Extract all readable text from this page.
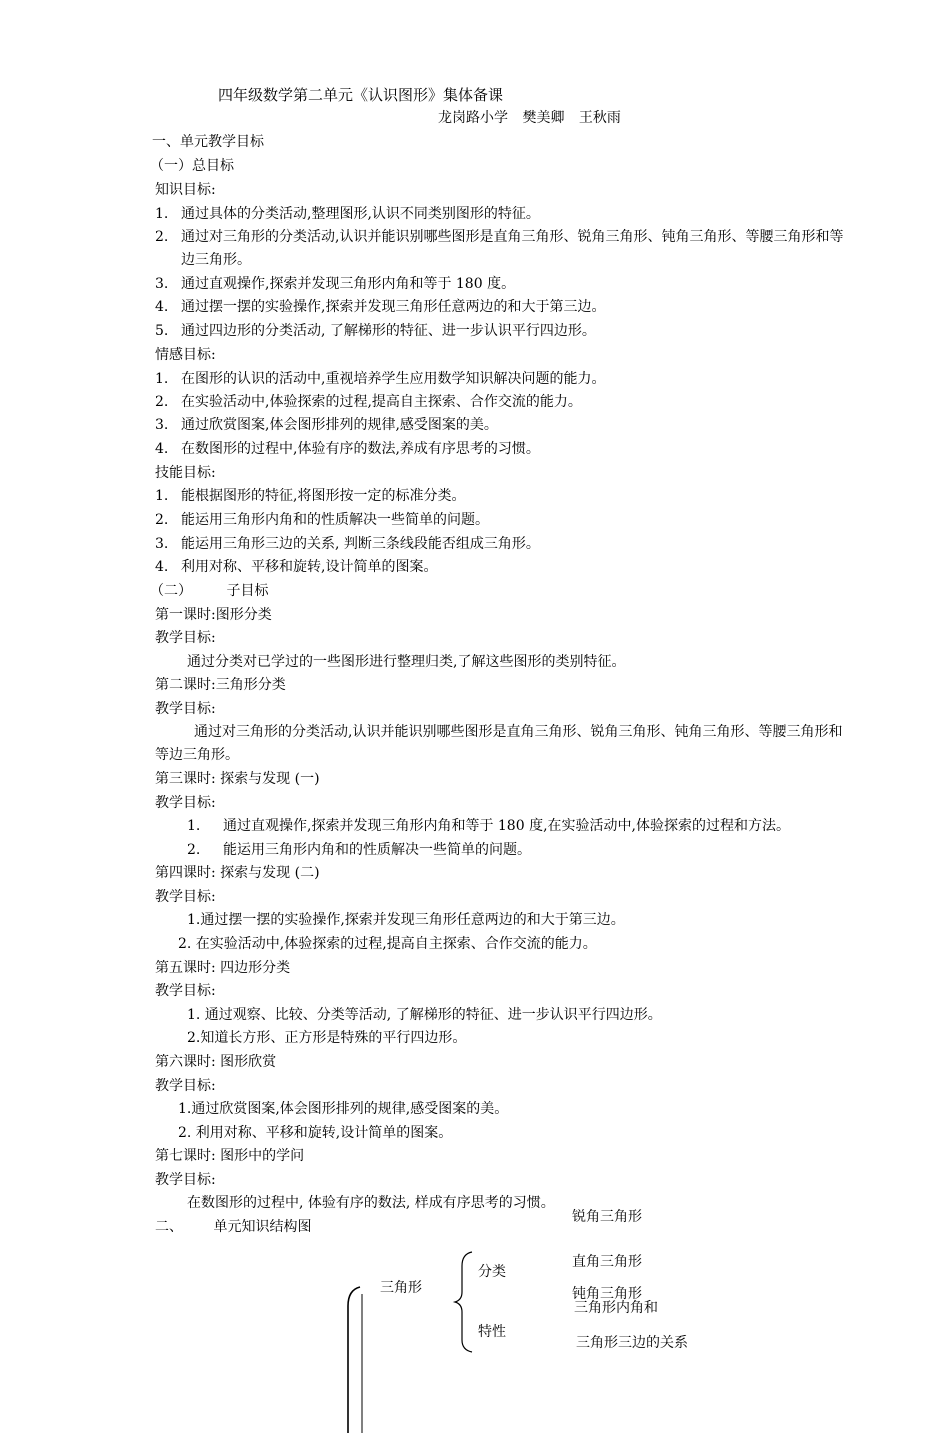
四年级数学第二单元《认识图形》集体备课
龙岗路小学 樊美卿 王秋雨
一、单元教学目标
（一）总目标
知识目标:
1. 通过具体的分类活动,整理图形,认识不同类别图形的特征。
2. 通过对三角形的分类活动,认识并能识别哪些图形是直角三角形、锐角三角形、钝角三角形、等腰三角形和等
边三角形。
3. 通过直观操作,探索并发现三角形内角和等于 180 度。
4. 通过摆一摆的实验操作,探索并发现三角形任意两边的和大于第三边。
5. 通过四边形的分类活动, 了解梯形的特征、进一步认识平行四边形。
情感目标:
1. 在图形的认识的活动中,重视培养学生应用数学知识解决问题的能力。
2. 在实验活动中,体验探索的过程,提高自主探索、合作交流的能力。
3. 通过欣赏图案,体会图形排列的规律,感受图案的美。
4. 在数图形的过程中,体验有序的数法,养成有序思考的习惯。
技能目标:
1. 能根据图形的特征,将图形按一定的标准分类。
2. 能运用三角形内角和的性质解决一些简单的问题。
3. 能运用三角形三边的关系, 判断三条线段能否组成三角形。
4. 利用对称、平移和旋转,设计简单的图案。
（二） 子目标
第一课时:图形分类
教学目标:
通过分类对已学过的一些图形进行整理归类,了解这些图形的类别特征。
第二课时:三角形分类
教学目标:
通过对三角形的分类活动,认识并能识别哪些图形是直角三角形、锐角三角形、钝角三角形、等腰三角形和
等边三角形。
第三课时: 探索与发现 (一)
教学目标:
1. 通过直观操作,探索并发现三角形内角和等于 180 度,在实验活动中,体验探索的过程和方法。
2. 能运用三角形内角和的性质解决一些简单的问题。
第四课时: 探索与发现 (二)
教学目标:
1.通过摆一摆的实验操作,探索并发现三角形任意两边的和大于第三边。
2. 在实验活动中,体验探索的过程,提高自主探索、合作交流的能力。
第五课时: 四边形分类
教学目标:
1. 通过观察、比较、分类等活动, 了解梯形的特征、进一步认识平行四边形。
2.知道长方形、正方形是特殊的平行四边形。
第六课时: 图形欣赏
教学目标:
1.通过欣赏图案,体会图形排列的规律,感受图案的美。
2. 利用对称、平移和旋转,设计简单的图案。
第七课时: 图形中的学问
教学目标:
在数图形的过程中, 体验有序的数法, 样成有序思考的习惯。
二、 单元知识结构图
三角形
分类
特性
锐角三角形
直角三角形
钝角三角形
三角形内角和
三角形三边的关系
